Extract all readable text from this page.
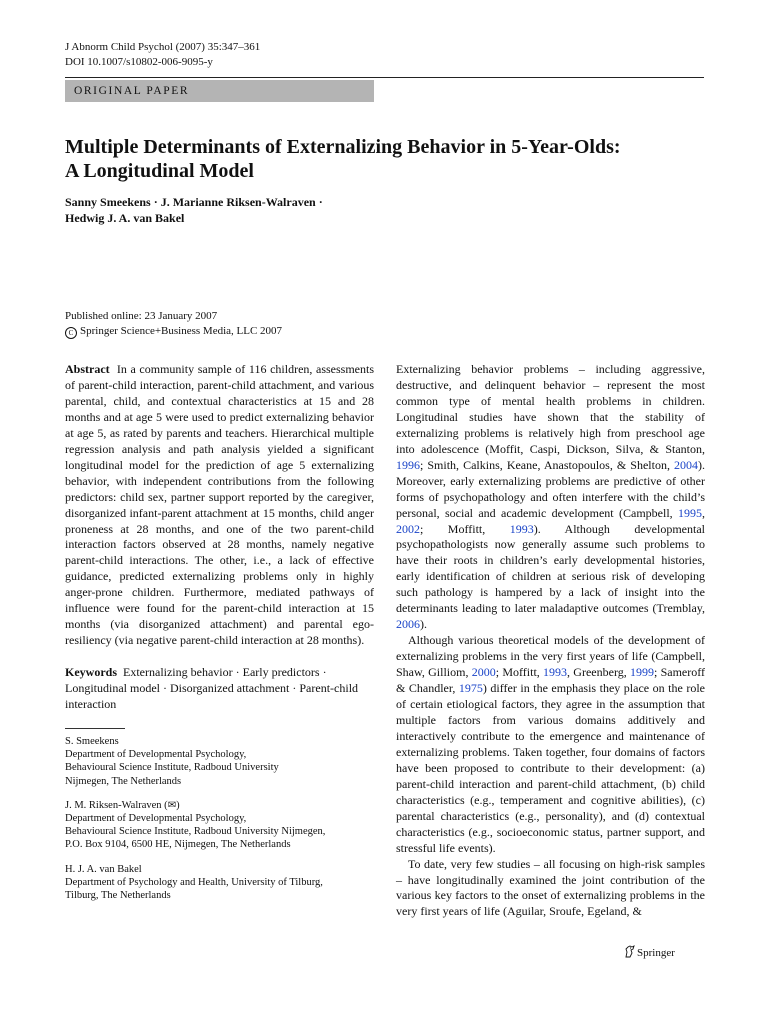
J Abnorm Child Psychol (2007) 35:347–361
DOI 10.1007/s10802-006-9095-y
ORIGINAL PAPER
Multiple Determinants of Externalizing Behavior in 5-Year-Olds:
A Longitudinal Model

Sanny Smeekens · J. Marianne Riksen-Walraven ·
Hedwig J. A. van Bakel

Published online: 23 January 2007
C Springer Science+Business Media, LLC 2007

Abstract In a community sample of 116 children, assessments of parent-child interaction, parent-child attachment, and various parental, child, and contextual characteristics at 15 and 28 months and at age 5 were used to predict externalizing behavior at age 5, as rated by parents and teachers. Hierarchical multiple regression analysis and path analysis yielded a significant longitudinal model for the prediction of age 5 externalizing behavior, with independent contributions from the following predictors: child sex, partner support reported by the caregiver, disorganized infant-parent attachment at 15 months, child anger proneness at 28 months, and one of the two parent-child interaction factors observed at 28 months, namely negative parent-child interactions. The other, i.e., a lack of effective guidance, predicted externalizing problems only in highly anger-prone children. Furthermore, mediated pathways of influence were found for the parent-child interaction at 15 months (via disorganized attachment) and parental ego-resiliency (via negative parent-child interaction at 28 months).

Keywords Externalizing behavior · Early predictors · Longitudinal model · Disorganized attachment · Parent-child interaction

S. Smeekens
Department of Developmental Psychology,
Behavioural Science Institute, Radboud University
Nijmegen, The Netherlands

J. M. Riksen-Walraven (✉)
Department of Developmental Psychology,
Behavioural Science Institute, Radboud University Nijmegen,
P.O. Box 9104, 6500 HE, Nijmegen, The Netherlands

H. J. A. van Bakel
Department of Psychology and Health, University of Tilburg,
Tilburg, The Netherlands

Externalizing behavior problems – including aggressive, destructive, and delinquent behavior – represent the most common type of mental health problems in children. Longitudinal studies have shown that the stability of externalizing problems is relatively high from preschool age into adolescence (Moffit, Caspi, Dickson, Silva, & Stanton, 1996; Smith, Calkins, Keane, Anastopoulos, & Shelton, 2004). Moreover, early externalizing problems are predictive of other forms of psychopathology and often interfere with the child’s personal, social and academic development (Campbell, 1995, 2002; Moffitt, 1993). Although developmental psychopathologists now generally assume such problems to have their roots in children’s early developmental histories, early identification of children at serious risk of developing such pathology is hampered by a lack of insight into the determinants leading to later maladaptive outcomes (Tremblay, 2006).

Although various theoretical models of the development of externalizing problems in the very first years of life (Campbell, Shaw, Gilliom, 2000; Moffitt, 1993, Greenberg, 1999; Sameroff & Chandler, 1975) differ in the emphasis they place on the role of certain etiological factors, they agree in the assumption that multiple factors from various domains additively and interactively contribute to the emergence and maintenance of externalizing problems. Taken together, four domains of factors have been proposed to contribute to their development: (a) parent-child interaction and parent-child attachment, (b) child characteristics (e.g., temperament and cognitive abilities), (c) parental characteristics (e.g., personality), and (d) contextual characteristics (e.g., socioeconomic status, partner support, and stressful life events).

To date, very few studies – all focusing on high-risk samples – have longitudinally examined the joint contribution of the various key factors to the onset of externalizing problems in the very first years of life (Aguilar, Sroufe, Egeland, &

Springer
